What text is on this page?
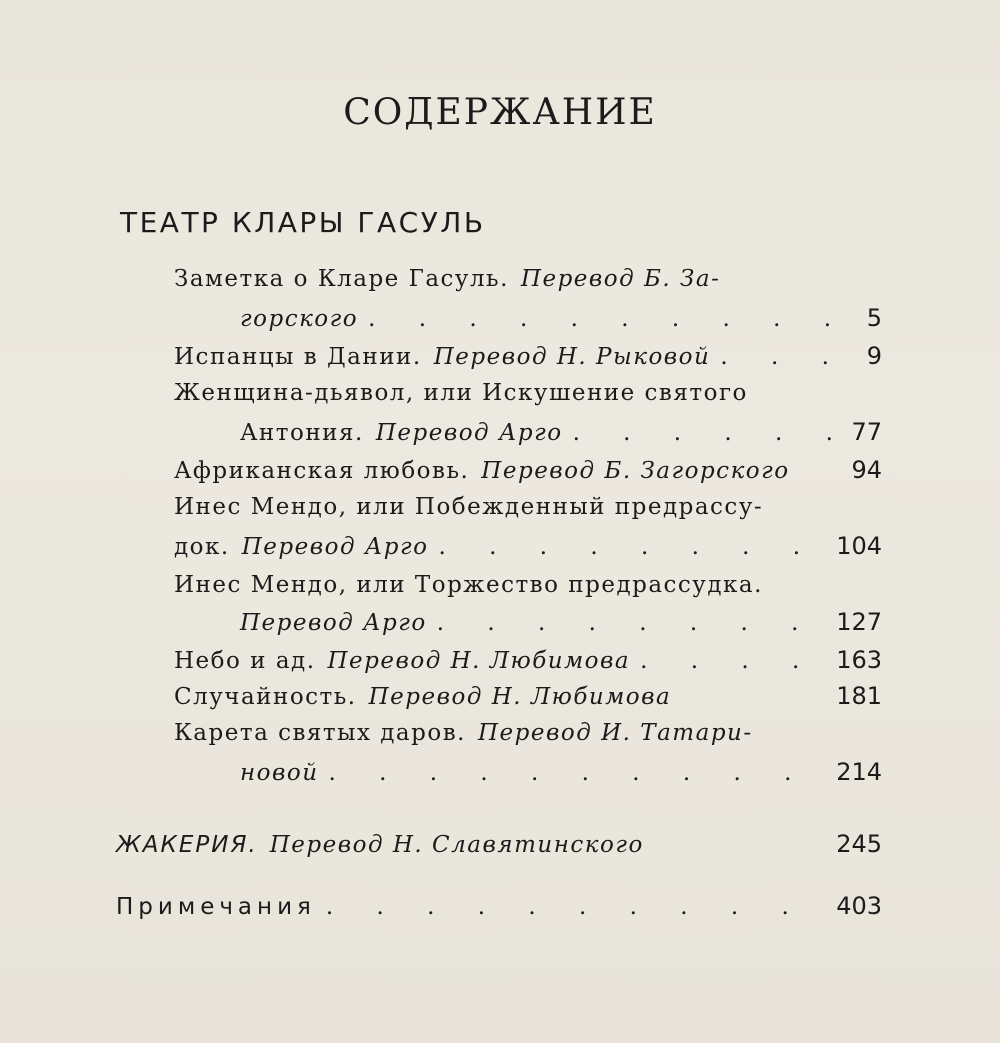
СОДЕРЖАНИЕ
ТЕАТР КЛАРЫ ГАСУЛЬ
Заметка о Кларе Гасуль. Перевод Б. За-
горского . . .	5
Испанцы в Дании. Перевод Н. Рыковой . . .	9
Женщина-дьявол, или Искушение святого
Антония. Перевод Арго . . .	77
Африканская любовь. Перевод Б. Загорского	94
Инес Мендо, или Побежденный предрассу-
док. Перевод Арго . . .	104
Инес Мендо, или Торжество предрассудка.
Перевод Арго . . .	127
Небо и ад. Перевод Н. Любимова . . .	163
Случайность. Перевод Н. Любимова	181
Карета святых даров. Перевод И. Татари-
новой . . .	214
ЖАКЕРИЯ. Перевод Н. Славятинского	245
Примечания . . .	403
